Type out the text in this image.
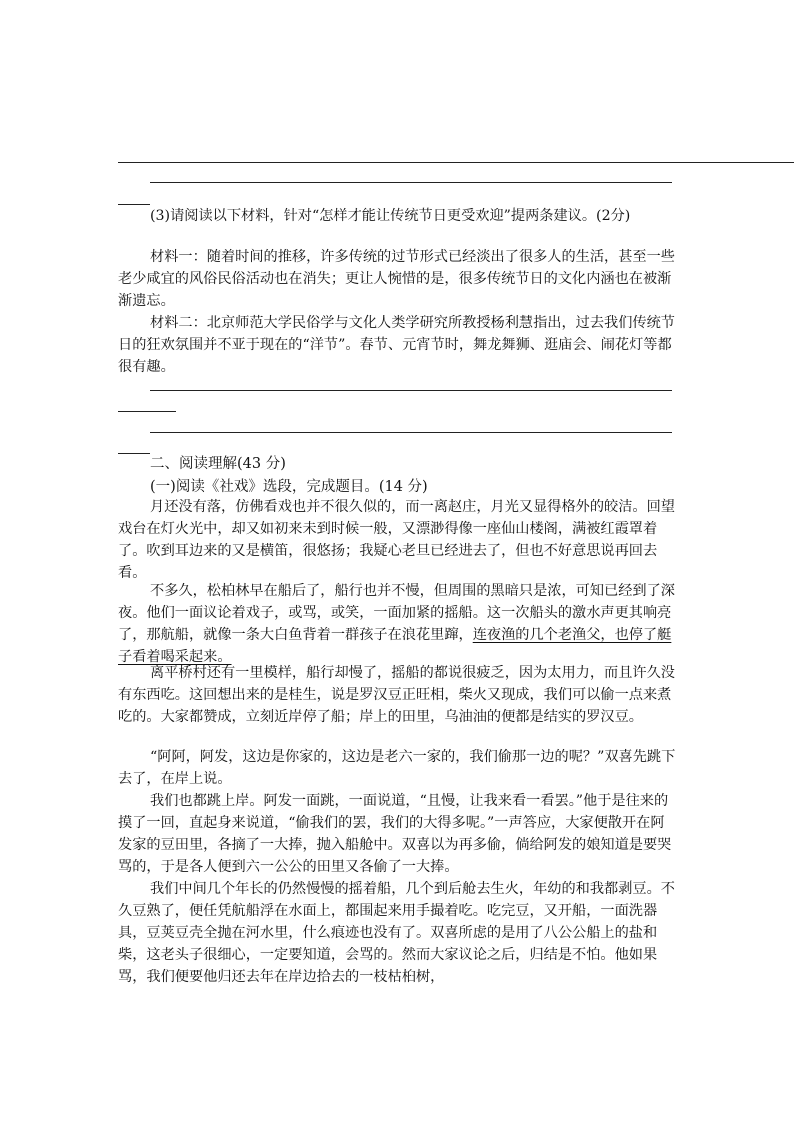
(3)请阅读以下材料，针对“怎样才能让传统节日更受欢迎”提两条建议。(2分)

材料一：随着时间的推移，许多传统的过节形式已经淡出了很多人的生活，甚至一些老少咸宜的风俗民俗活动也在消失；更让人惋惜的是，很多传统节日的文化内涵也在被渐渐遗忘。

材料二：北京师范大学民俗学与文化人类学研究所教授杨利慧指出，过去我们传统节日的狂欢氛围并不亚于现在的“洋节”。春节、元宵节时，舞龙舞狮、逛庙会、闹花灯等都很有趣。

二、阅读理解(43 分)
(一)阅读《社戏》选段，完成题目。(14 分)

月还没有落，仿佛看戏也并不很久似的，而一离赵庄，月光又显得格外的皎洁。回望戏台在灯火光中，却又如初来未到时候一般，又漂渺得像一座仙山楼阁，满被红霞罩着了。吹到耳边来的又是横笛，很悠扬；我疑心老旦已经进去了，但也不好意思说再回去看。

不多久，松柏林早在船后了，船行也并不慢，但周围的黑暗只是浓，可知已经到了深夜。他们一面议论着戏子，或骂，或笑，一面加紧的摇船。这一次船头的激水声更其响亮了，那航船，就像一条大白鱼背着一群孩子在浪花里蹿，连夜渔的几个老渔父，也停了艇子看着喝采起来。

离平桥村还有一里模样，船行却慢了，摇船的都说很疲乏，因为太用力，而且许久没有东西吃。这回想出来的是桂生，说是罗汉豆正旺相，柴火又现成，我们可以偷一点来煮吃的。大家都赞成，立刻近岸停了船；岸上的田里，乌油油的便都是结实的罗汉豆。

“阿阿，阿发，这边是你家的，这边是老六一家的，我们偷那一边的呢？”双喜先跳下去了，在岸上说。

我们也都跳上岸。阿发一面跳，一面说道，“且慢，让我来看一看罢。”他于是往来的摸了一回，直起身来说道，“偷我们的罢，我们的大得多呢。”一声答应，大家便散开在阿发家的豆田里，各摘了一大捧，抛入船舱中。双喜以为再多偷，倘给阿发的娘知道是要哭骂的，于是各人便到六一公公的田里又各偷了一大捧。

我们中间几个年长的仍然慢慢的摇着船，几个到后舱去生火，年幼的和我都剥豆。不久豆熟了，便任凭航船浮在水面上，都围起来用手撮着吃。吃完豆，又开船，一面洗器具，豆荚豆壳全抛在河水里，什么痕迹也没有了。双喜所虑的是用了八公公船上的盐和柴，这老头子很细心，一定要知道，会骂的。然而大家议论之后，归结是不怕。他如果骂，我们便要他归还去年在岸边拾去的一枝枯桕树，
